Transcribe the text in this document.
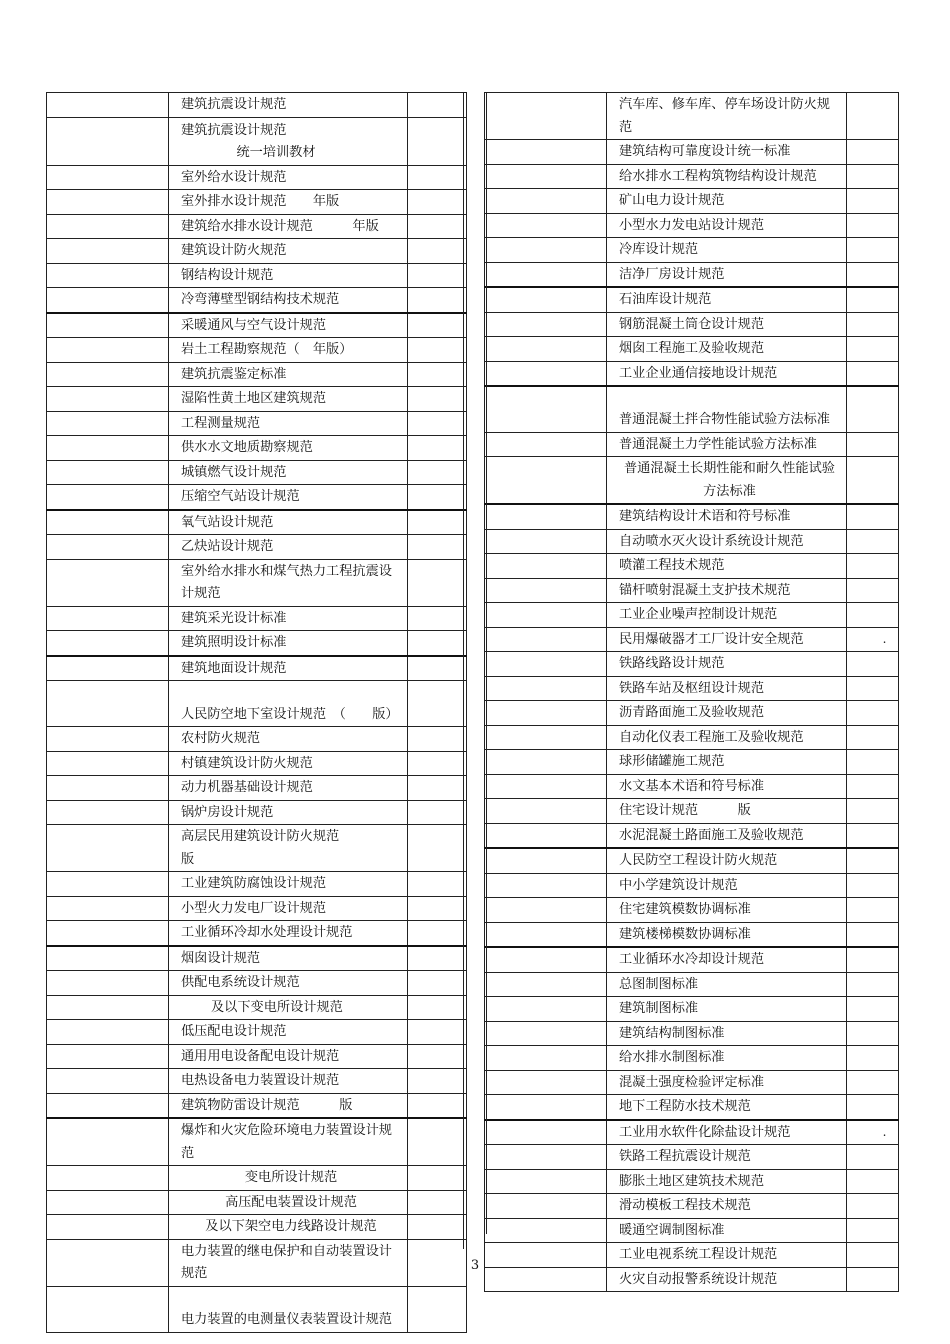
	建筑抗震设计规范	

	建筑抗震设计规范
统一培训教材	

	室外给水设计规范	
	室外排水设计规范　　年版	
	建筑给水排水设计规范　　　年版	
	建筑设计防火规范	
	钢结构设计规范	
	冷弯薄壁型钢结构技术规范	
	采暖通风与空气设计规范	
	岩土工程勘察规范（　年版）	
	建筑抗震鉴定标准	
	湿陷性黄土地区建筑规范	
	工程测量规范	
	供水水文地质勘察规范	
	城镇燃气设计规范	
	压缩空气站设计规范	
	氧气站设计规范	
	乙炔站设计规范	
	室外给水排水和煤气热力工程抗震设计规范	
	建筑采光设计标准	
	建筑照明设计标准	
	建筑地面设计规范	
	人民防空地下室设计规范　（　　版）	
	农村防火规范	
	村镇建筑设计防火规范	
	动力机器基础设计规范	
	锅炉房设计规范	

	高层民用建筑设计防火规范
版	

	工业建筑防腐蚀设计规范	
	小型火力发电厂设计规范	
	工业循环冷却水处理设计规范	
	烟囱设计规范	
	供配电系统设计规范	
	及以下变电所设计规范	
	低压配电设计规范	
	通用用电设备配电设计规范	
	电热设备电力装置设计规范	
	建筑物防雷设计规范　　　版	
	爆炸和火灾危险环境电力装置设计规范	
	变电所设计规范	
	高压配电装置设计规范	
	及以下架空电力线路设计规范	
	电力装置的继电保护和自动装置设计规范	
	电力装置的电测量仪表装置设计规范	
	汽车库、修车库、停车场设计防火规范	
	建筑结构可靠度设计统一标准	
	给水排水工程构筑物结构设计规范	
	矿山电力设计规范	
	小型水力发电站设计规范	
	冷库设计规范	
	洁净厂房设计规范	
	石油库设计规范	
	钢筋混凝土筒仓设计规范	
	烟囱工程施工及验收规范	
	工业企业通信接地设计规范	
	普通混凝土拌合物性能试验方法标准	
	普通混凝土力学性能试验方法标准	
	普通混凝土长期性能和耐久性能试验方法标准	
	建筑结构设计术语和符号标准	
	自动喷水灭火设计系统设计规范	
	喷灌工程技术规范	
	锚杆喷射混凝土支护技术规范	
	工业企业噪声控制设计规范	
	民用爆破器才工厂设计安全规范	.
	铁路线路设计规范	
	铁路车站及枢纽设计规范	
	沥青路面施工及验收规范	
	自动化仪表工程施工及验收规范	
	球形储罐施工规范	
	水文基本术语和符号标准	
	住宅设计规范　　　版	
	水泥混凝土路面施工及验收规范	
	人民防空工程设计防火规范	
	中小学建筑设计规范	
	住宅建筑模数协调标准	
	建筑楼梯模数协调标准	
	工业循环水冷却设计规范	
	总图制图标准	
	建筑制图标准	
	建筑结构制图标准	
	给水排水制图标准	
	混凝土强度检验评定标准	
	地下工程防水技术规范	
	工业用水软件化除盐设计规范	.
	铁路工程抗震设计规范	
	膨胀土地区建筑技术规范	
	滑动模板工程技术规范	
	暖通空调制图标准	
	工业电视系统工程设计规范	
	火灾自动报警系统设计规范	
3
